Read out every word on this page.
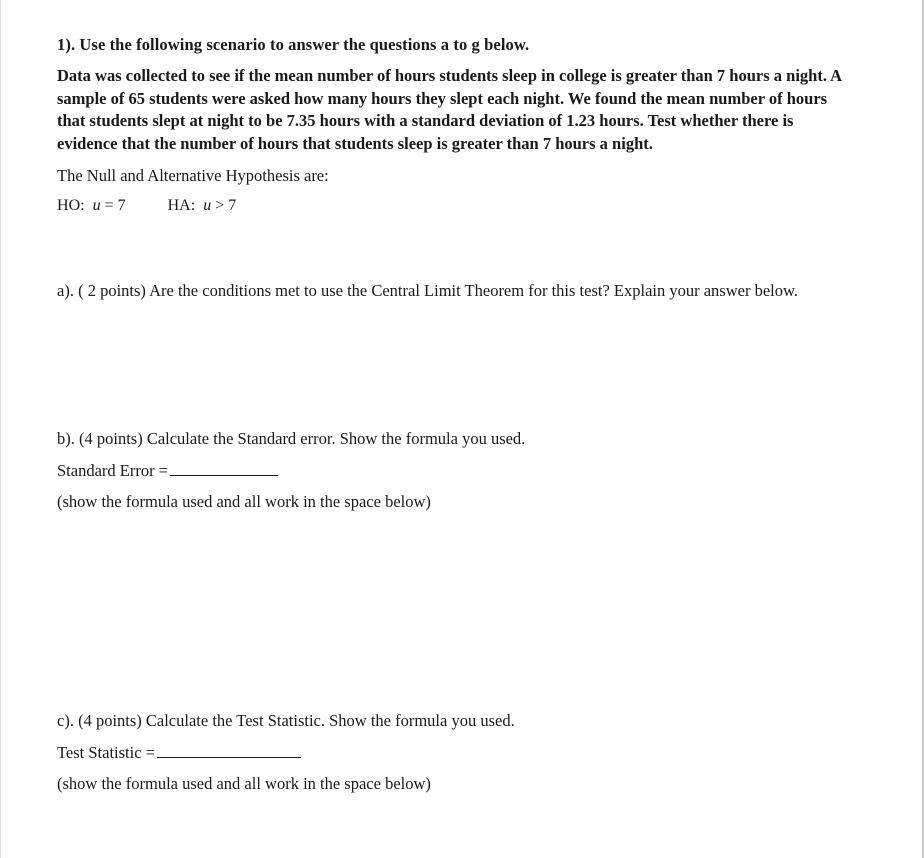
1). Use the following scenario to answer the questions a to g below.

Data was collected to see if the mean number of hours students sleep in college is greater than 7 hours a night. A sample of 65 students were asked how many hours they slept each night. We found the mean number of hours that students slept at night to be 7.35 hours with a standard deviation of 1.23 hours. Test whether there is evidence that the number of hours that students sleep is greater than 7 hours a night.

The Null and Alternative Hypothesis are:

HO: u = 7	HA: u > 7

a). ( 2 points) Are the conditions met to use the Central Limit Theorem for this test? Explain your answer below.

b). (4 points) Calculate the Standard error. Show the formula you used.

Standard Error =

(show the formula used and all work in the space below)

c). (4 points) Calculate the Test Statistic. Show the formula you used.

Test Statistic =

(show the formula used and all work in the space below)
